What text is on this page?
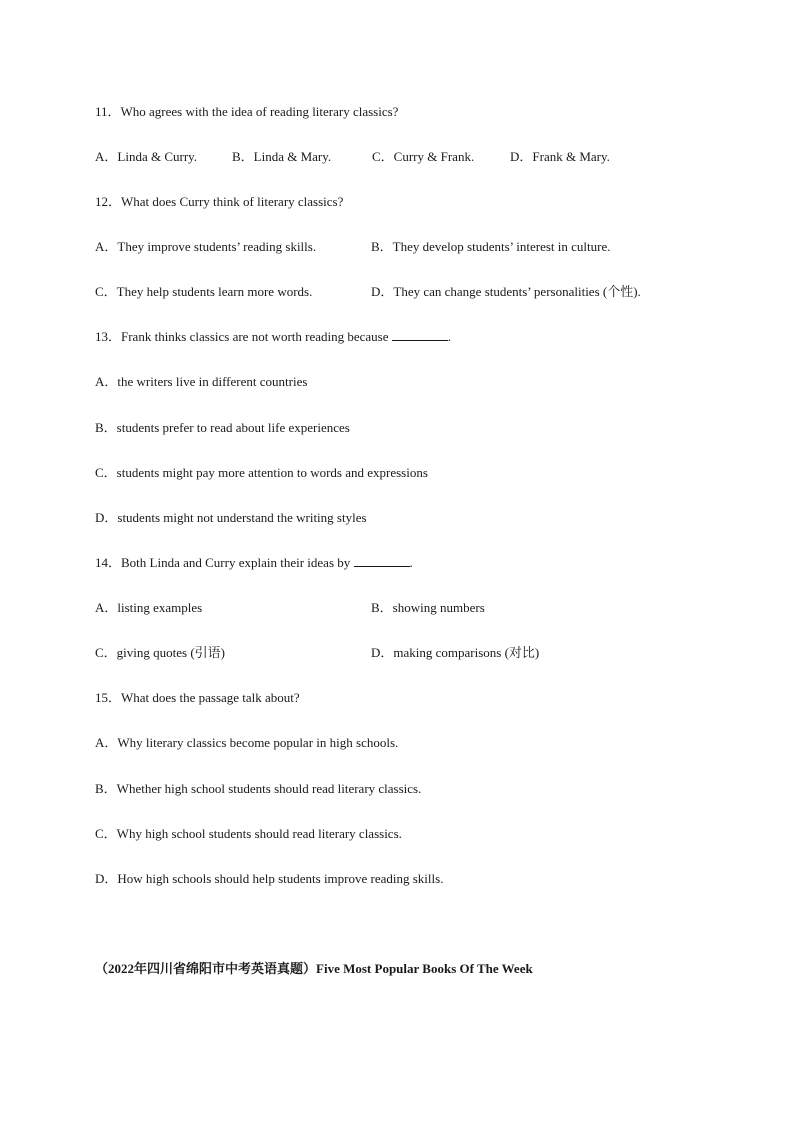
11．Who agrees with the idea of reading literary classics?
A．Linda & Curry.	B．Linda & Mary.	C．Curry & Frank.	D．Frank & Mary.
12．What does Curry think of literary classics?
A．They improve students’ reading skills.	B．They develop students’ interest in culture.
C．They help students learn more words.	D．They can change students’ personalities (个性).
13．Frank thinks classics are not worth reading because	.
A．the writers live in different countries
B．students prefer to read about life experiences
C．students might pay more attention to words and expressions
D．students might not understand the writing styles
14．Both Linda and Curry explain their ideas by	.
A．listing examples	B．showing numbers
C．giving quotes (引语)	D．making comparisons (对比)
15．What does the passage talk about?
A．Why literary classics become popular in high schools.
B．Whether high school students should read literary classics.
C．Why high school students should read literary classics.
D．How high schools should help students improve reading skills.
（2022年四川省绵阳市中考英语真题）Five Most Popular Books Of The Week
